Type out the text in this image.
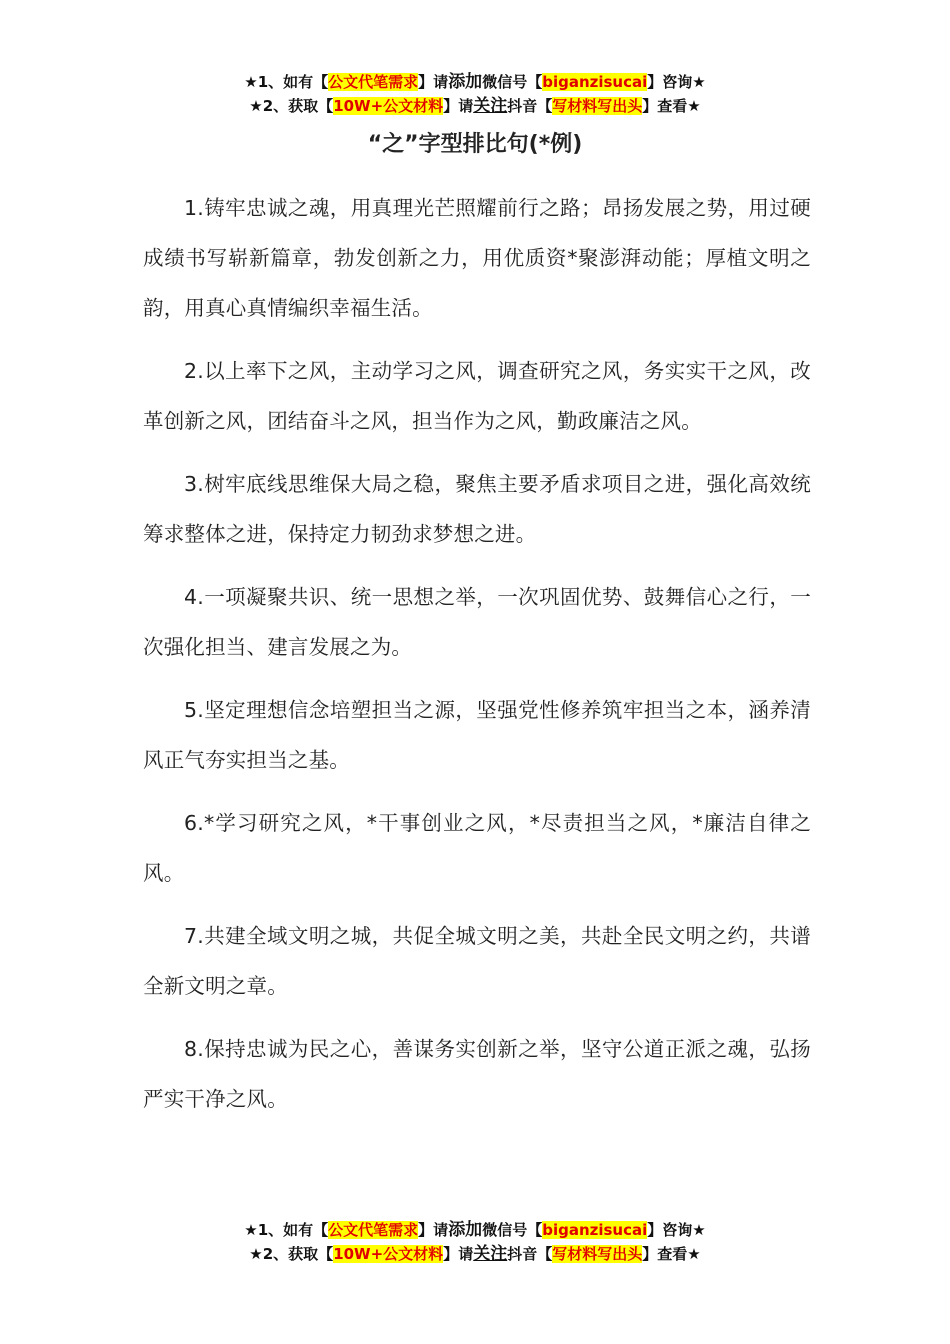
★1、如有【公文代笔需求】请添加微信号【biganzisucai】咨询★
★2、获取【10W+公文材料】请关注抖音【写材料写出头】查看★
“之”字型排比句(*例)

1.铸牢忠诚之魂，用真理光芒照耀前行之路；昂扬发展之势，用过硬成绩书写崭新篇章，勃发创新之力，用优质资*聚澎湃动能；厚植文明之韵，用真心真情编织幸福生活。

2.以上率下之风，主动学习之风，调查研究之风，务实实干之风，改革创新之风，团结奋斗之风，担当作为之风，勤政廉洁之风。

3.树牢底线思维保大局之稳，聚焦主要矛盾求项目之进，强化高效统筹求整体之进，保持定力韧劲求梦想之进。

4.一项凝聚共识、统一思想之举，一次巩固优势、鼓舞信心之行，一次强化担当、建言发展之为。

5.坚定理想信念培塑担当之源，坚强党性修养筑牢担当之本，涵养清风正气夯实担当之基。

6.*学习研究之风，*干事创业之风，*尽责担当之风，*廉洁自律之风。

7.共建全域文明之城，共促全城文明之美，共赴全民文明之约，共谱全新文明之章。

8.保持忠诚为民之心，善谋务实创新之举，坚守公道正派之魂，弘扬严实干净之风。

★1、如有【公文代笔需求】请添加微信号【biganzisucai】咨询★
★2、获取【10W+公文材料】请关注抖音【写材料写出头】查看★
